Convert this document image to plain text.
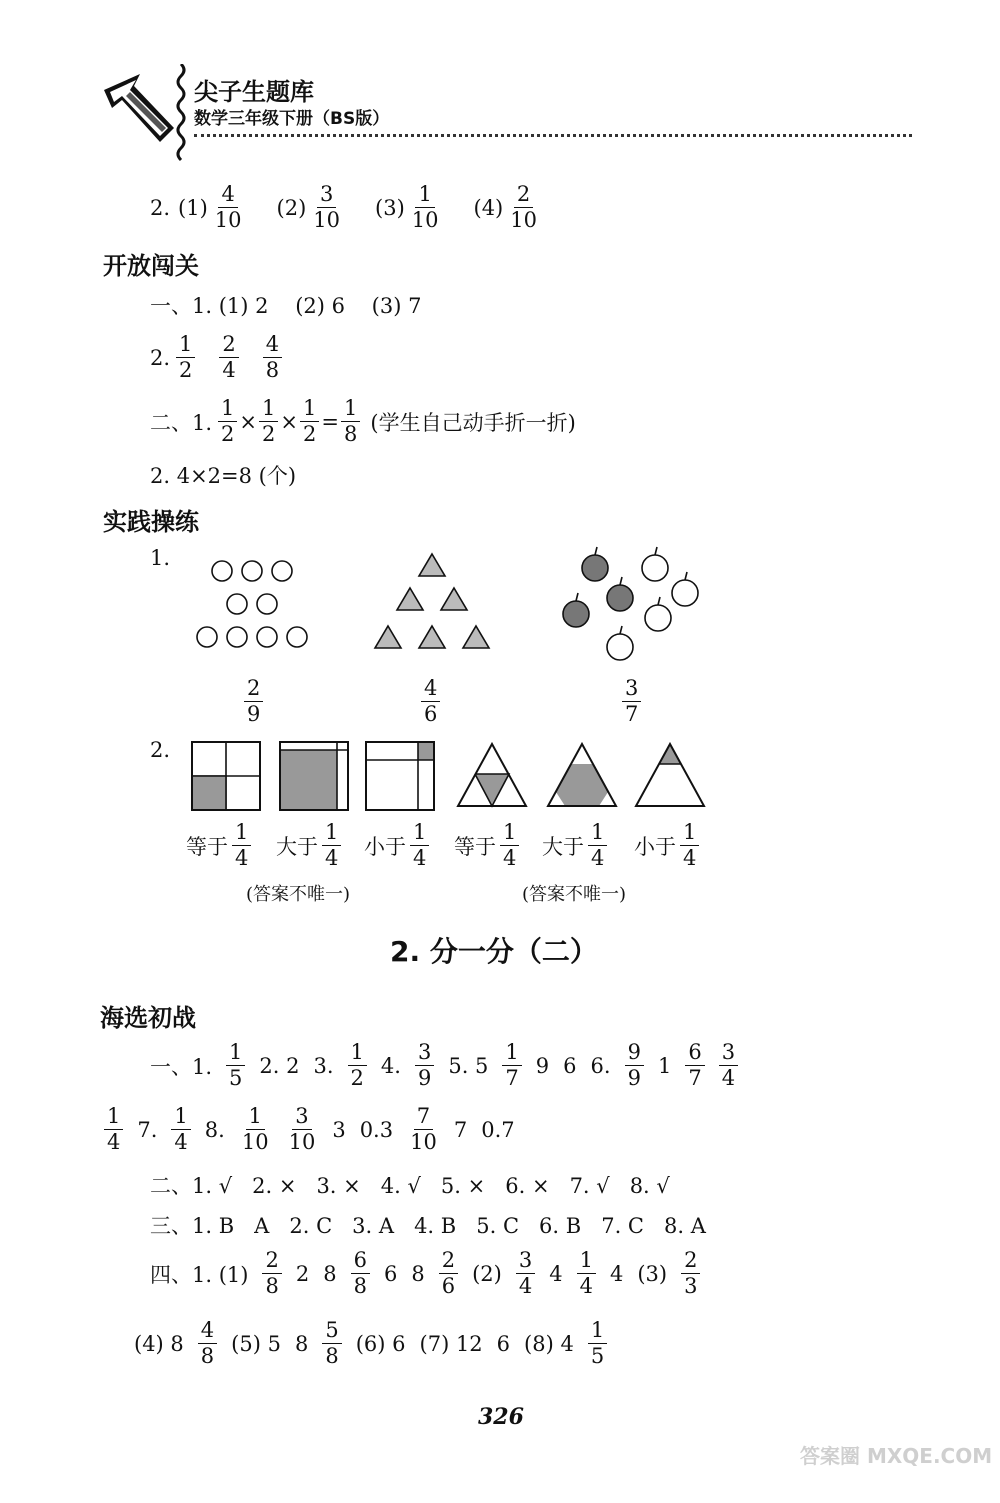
尖子生题库
数学三年级下册（BS版）
2. $(1) \frac{4}{10} (2) \frac{3}{10} (3) \frac{1}{10} (4) \frac{2}{10}$
开放闯关
一、1. (1) 2    (2) 6    (3) 7
2. $\frac{1}{2} \frac{2}{4} \frac{4}{8}$
二、1. $\frac{1}{2} \times \frac{1}{2} \times \frac{1}{2} = \frac{1}{8}$ (学生自己动手折一折)
2. 4×2=8 (个)
实践操练
1.
$\frac{2}{9}$	$\frac{4}{6}$	$\frac{3}{7}$
2.
等于 $\frac{1}{4}$ 大于 $\frac{1}{4}$ 小于 $\frac{1}{4}$ 等于 $\frac{1}{4}$ 大于 $\frac{1}{4}$ 小于 $\frac{1}{4}$
(答案不唯一)	(答案不唯一)
2. 分一分（二）
海选初战
一、1. $\frac{1}{5} 2$. 2 3. $\frac{1}{2} 4$. $\frac{3}{9} 5$. $5 \frac{1}{7} 9$ 6 6. $\frac{9}{9} 1 \frac{6}{7} \frac{3}{4}$
$\frac{1}{4} 7$. $\frac{1}{4} 8$. $\frac{1}{10} \frac{3}{10} 3$ $0.3 \frac{7}{10} 7$ 0.7
二、1. √   2. ×   3. ×   4. √   5. ×   6. ×   7. √   8. √
三、1. B   A   2. C   3. A   4. B   5. C   6. B   7. C   8. A
四、1. $(1) \frac{2}{8} 2$ $8 \frac{6}{8} 6$ $8 \frac{2}{6} (2) \frac{3}{4} 4 \frac{1}{4} 4$ $(3) \frac{2}{3}$
(4) $8 \frac{4}{8} (5)$ 5 $8 \frac{5}{8} (6)$ 6 (7) 12 6 (8) $4 \frac{1}{5}$
326
答案圈 MXQE.COM
